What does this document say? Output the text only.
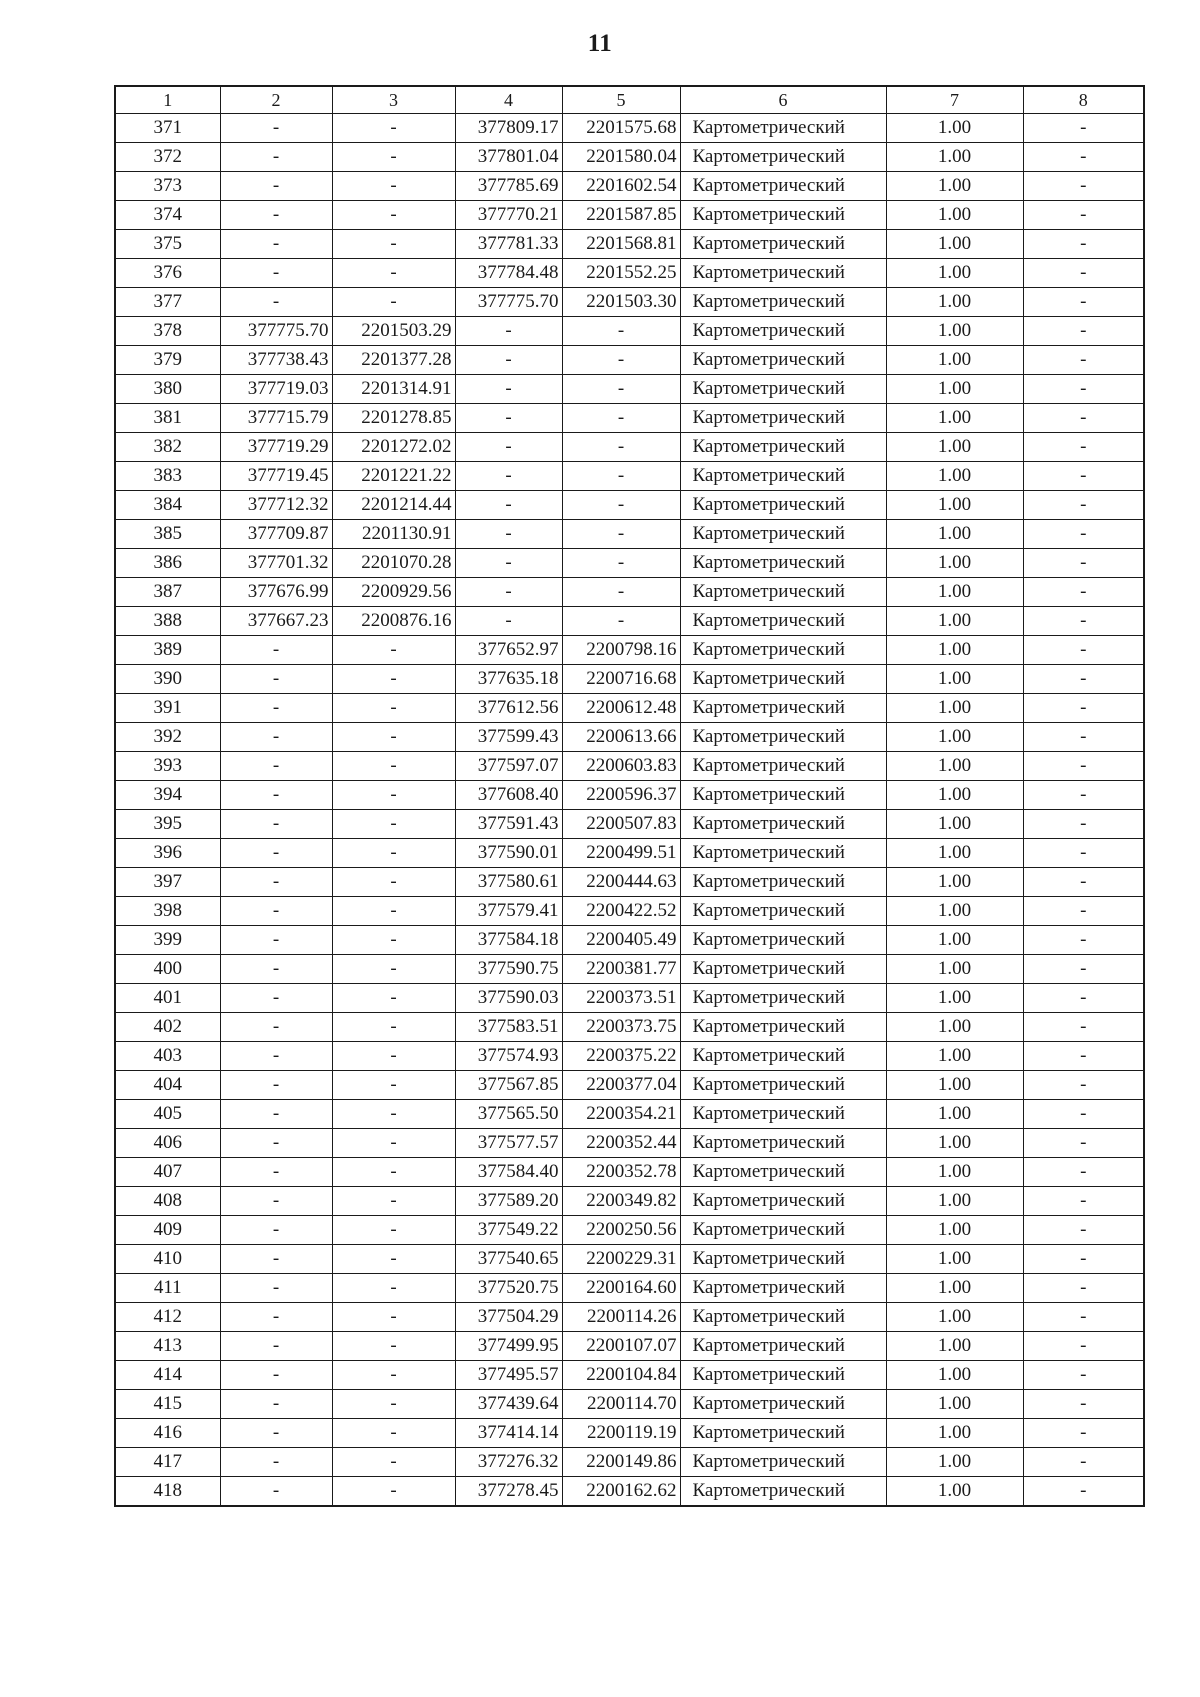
11
1	2	3	4	5	6	7	8
371	-	-	377809.17	2201575.68	Картометрический	1.00	-
372	-	-	377801.04	2201580.04	Картометрический	1.00	-
373	-	-	377785.69	2201602.54	Картометрический	1.00	-
374	-	-	377770.21	2201587.85	Картометрический	1.00	-
375	-	-	377781.33	2201568.81	Картометрический	1.00	-
376	-	-	377784.48	2201552.25	Картометрический	1.00	-
377	-	-	377775.70	2201503.30	Картометрический	1.00	-
378	377775.70	2201503.29	-	-	Картометрический	1.00	-
379	377738.43	2201377.28	-	-	Картометрический	1.00	-
380	377719.03	2201314.91	-	-	Картометрический	1.00	-
381	377715.79	2201278.85	-	-	Картометрический	1.00	-
382	377719.29	2201272.02	-	-	Картометрический	1.00	-
383	377719.45	2201221.22	-	-	Картометрический	1.00	-
384	377712.32	2201214.44	-	-	Картометрический	1.00	-
385	377709.87	2201130.91	-	-	Картометрический	1.00	-
386	377701.32	2201070.28	-	-	Картометрический	1.00	-
387	377676.99	2200929.56	-	-	Картометрический	1.00	-
388	377667.23	2200876.16	-	-	Картометрический	1.00	-
389	-	-	377652.97	2200798.16	Картометрический	1.00	-
390	-	-	377635.18	2200716.68	Картометрический	1.00	-
391	-	-	377612.56	2200612.48	Картометрический	1.00	-
392	-	-	377599.43	2200613.66	Картометрический	1.00	-
393	-	-	377597.07	2200603.83	Картометрический	1.00	-
394	-	-	377608.40	2200596.37	Картометрический	1.00	-
395	-	-	377591.43	2200507.83	Картометрический	1.00	-
396	-	-	377590.01	2200499.51	Картометрический	1.00	-
397	-	-	377580.61	2200444.63	Картометрический	1.00	-
398	-	-	377579.41	2200422.52	Картометрический	1.00	-
399	-	-	377584.18	2200405.49	Картометрический	1.00	-
400	-	-	377590.75	2200381.77	Картометрический	1.00	-
401	-	-	377590.03	2200373.51	Картометрический	1.00	-
402	-	-	377583.51	2200373.75	Картометрический	1.00	-
403	-	-	377574.93	2200375.22	Картометрический	1.00	-
404	-	-	377567.85	2200377.04	Картометрический	1.00	-
405	-	-	377565.50	2200354.21	Картометрический	1.00	-
406	-	-	377577.57	2200352.44	Картометрический	1.00	-
407	-	-	377584.40	2200352.78	Картометрический	1.00	-
408	-	-	377589.20	2200349.82	Картометрический	1.00	-
409	-	-	377549.22	2200250.56	Картометрический	1.00	-
410	-	-	377540.65	2200229.31	Картометрический	1.00	-
411	-	-	377520.75	2200164.60	Картометрический	1.00	-
412	-	-	377504.29	2200114.26	Картометрический	1.00	-
413	-	-	377499.95	2200107.07	Картометрический	1.00	-
414	-	-	377495.57	2200104.84	Картометрический	1.00	-
415	-	-	377439.64	2200114.70	Картометрический	1.00	-
416	-	-	377414.14	2200119.19	Картометрический	1.00	-
417	-	-	377276.32	2200149.86	Картометрический	1.00	-
418	-	-	377278.45	2200162.62	Картометрический	1.00	-
